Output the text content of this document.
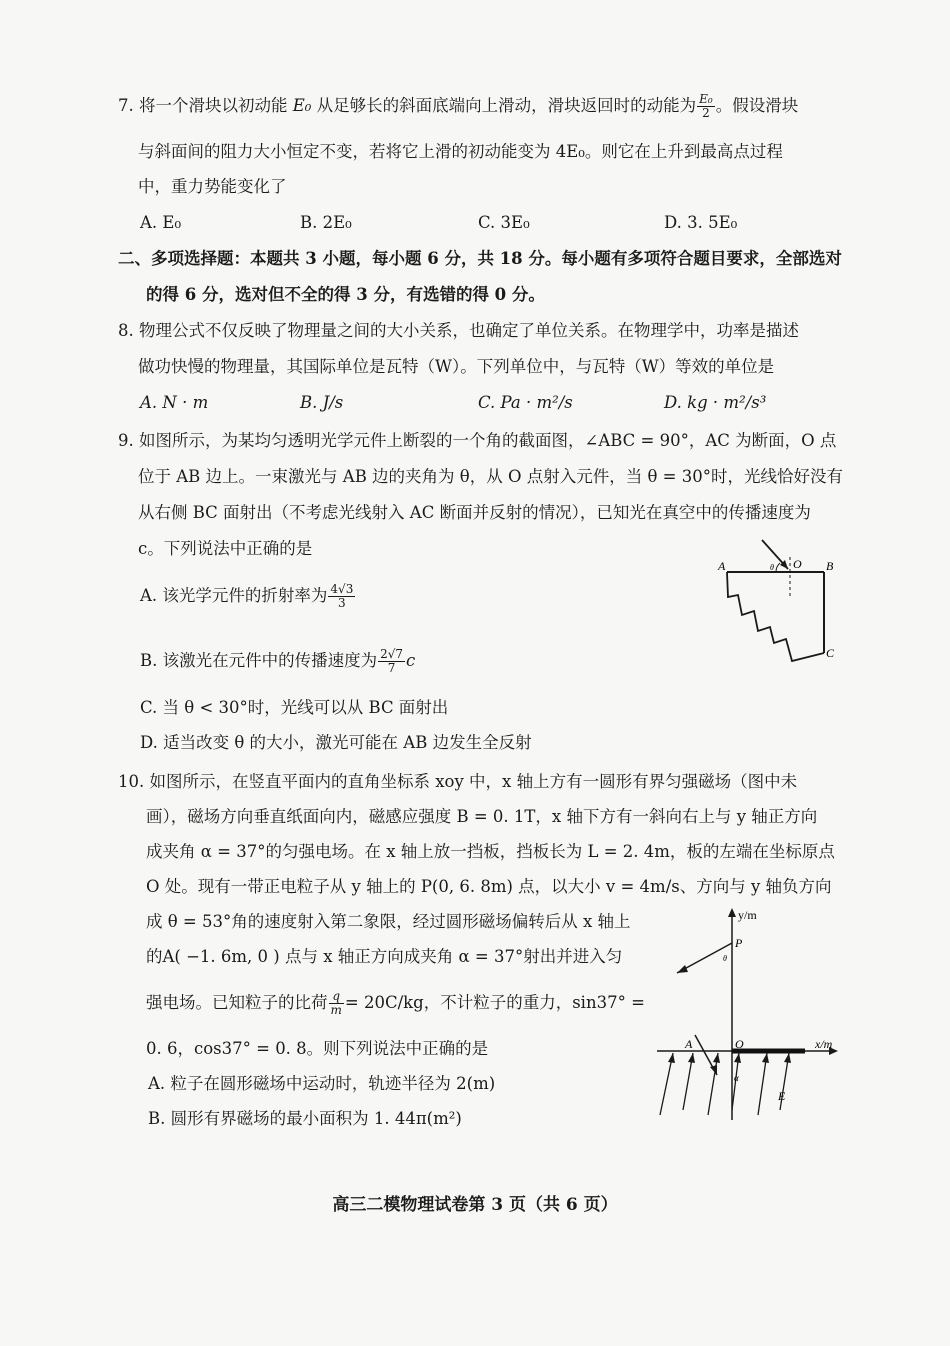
7. 将一个滑块以初动能 E₀ 从足够长的斜面底端向上滑动，滑块返回时的动能为 $\frac{\text{E₀}}{2}$ 。假设滑块
与斜面间的阻力大小恒定不变，若将它上滑的初动能变为 4E₀。则它在上升到最高点过程
中，重力势能变化了
A. E₀	B. 2E₀	C. 3E₀	D. 3. 5E₀
二、多项选择题：本题共 3 小题，每小题 6 分，共 18 分。每小题有多项符合题目要求，全部选对
的得 6 分，选对但不全的得 3 分，有选错的得 0 分。
8. 物理公式不仅反映了物理量之间的大小关系，也确定了单位关系。在物理学中，功率是描述
做功快慢的物理量，其国际单位是瓦特（W）。下列单位中，与瓦特（W）等效的单位是
A. N · m	B. J/s	C. Pa · m²/s	D. kg · m²/s³
9. 如图所示，为某均匀透明光学元件上断裂的一个角的截面图，∠ABC = 90°，AC 为断面，O 点
位于 AB 边上。一束激光与 AB 边的夹角为 θ，从 O 点射入元件，当 θ = 30°时，光线恰好没有
从右侧 BC 面射出（不考虑光线射入 AC 断面并反射的情况），已知光在真空中的传播速度为
c。下列说法中正确的是
A. 该光学元件的折射率为 $\frac{4√3}{3}$
B. 该激光在元件中的传播速度为 $\frac{2√7}{7}$ c
C. 当 θ < 30°时，光线可以从 BC 面射出
D. 适当改变 θ 的大小，激光可能在 AB 边发生全反射
A	O B
C
θ
10. 如图所示，在竖直平面内的直角坐标系 xoy 中，x 轴上方有一圆形有界匀强磁场（图中未
画），磁场方向垂直纸面向内，磁感应强度 B = 0. 1T，x 轴下方有一斜向右上与 y 轴正方向
成夹角 α = 37°的匀强电场。在 x 轴上放一挡板，挡板长为 L = 2. 4m，板的左端在坐标原点
O 处。现有一带正电粒子从 y 轴上的 P(0, 6. 8m) 点，以大小 v = 4m/s、方向与 y 轴负方向
成 θ = 53°角的速度射入第二象限，经过圆形磁场偏转后从 x 轴上
的A( −1. 6m, 0 ) 点与 x 轴正方向成夹角 α = 37°射出并进入匀
强电场。已知粒子的比荷 $\frac{q}{m} = 20C/kg$，不计粒子的重力，sin37° =
0. 6，cos37° = 0. 8。则下列说法中正确的是
A. 粒子在圆形磁场中运动时，轨迹半径为 2(m)
B. 圆形有界磁场的最小面积为 1. 44π(m²)
y/m
x/m
P
O
A
E
α
θ
高三二模物理试卷第 3 页（共 6 页）
